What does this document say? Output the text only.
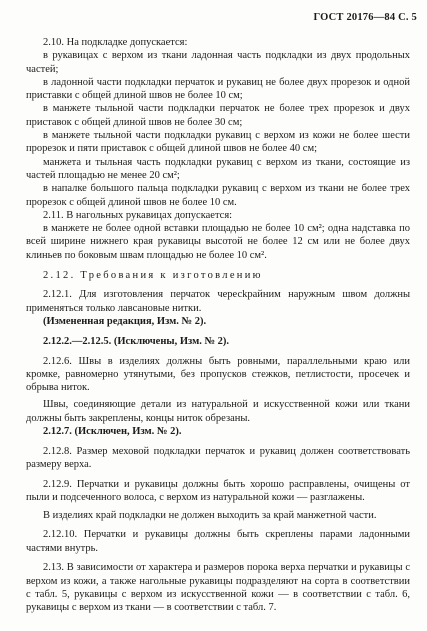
ГОСТ 20176—84 С. 5

2.10. На подкладке допускается:

в рукавицах с верхом из ткани ладонная часть подкладки из двух продольных частей;

в ладонной части подкладки перчаток и рукавиц не более двух прорезок и одной приставки с общей длиной швов не более 10 см;

в манжете тыльной части подкладки перчаток не более трех прорезок и двух приставок с общей длиной швов не более 30 см;

в манжете тыльной части подкладки рукавиц с верхом из кожи не более шести прорезок и пяти приставок с общей длиной швов не более 40 см;

манжета и тыльная часть подкладки рукавиц с верхом из ткани, состоящие из частей площадью не менее 20 см²;

в напалке большого пальца подкладки рукавиц с верхом из ткани не более трех прорезок с общей длиной швов не более 10 см.

2.11. В нагольных рукавицах допускается:

в манжете не более одной вставки площадью не более 10 см²; одна надставка по всей ширине нижнего края рукавицы высотой не более 12 см или не более двух клиньев по боковым швам площадью не более 10 см².

2.12. Требования к изготовлению

2.12.1. Для изготовления перчаток чересkрайним наружным швом должны применяться только лавсановые нитки.

(Измененная редакция, Изм. № 2).

2.12.2.—2.12.5. (Исключены, Изм. № 2).

2.12.6. Швы в изделиях должны быть ровными, параллельными краю или кромке, равномерно утянутыми, без пропусков стежков, петлистости, просечек и обрыва ниток.

Швы, соединяющие детали из натуральной и искусственной кожи или ткани должны быть закреплены, концы ниток обрезаны.

2.12.7. (Исключен, Изм. № 2).

2.12.8. Размер меховой подкладки перчаток и рукавиц должен соответствовать размеру верха.

2.12.9. Перчатки и рукавицы должны быть хорошо расправлены, очищены от пыли и подсеченного волоса, с верхом из натуральной кожи — разглажены.

В изделиях край подкладки не должен выходить за край манжетной части.

2.12.10. Перчатки и рукавицы должны быть скреплены парами ладонными частями внутрь.

2.13. В зависимости от характера и размеров порока верха перчатки и рукавицы с верхом из кожи, а также нагольные рукавицы подразделяют на сорта в соответствии с табл. 5, рукавицы с верхом из искусственной кожи — в соответствии с табл. 6, рукавицы с верхом из ткани — в соответствии с табл. 7.
